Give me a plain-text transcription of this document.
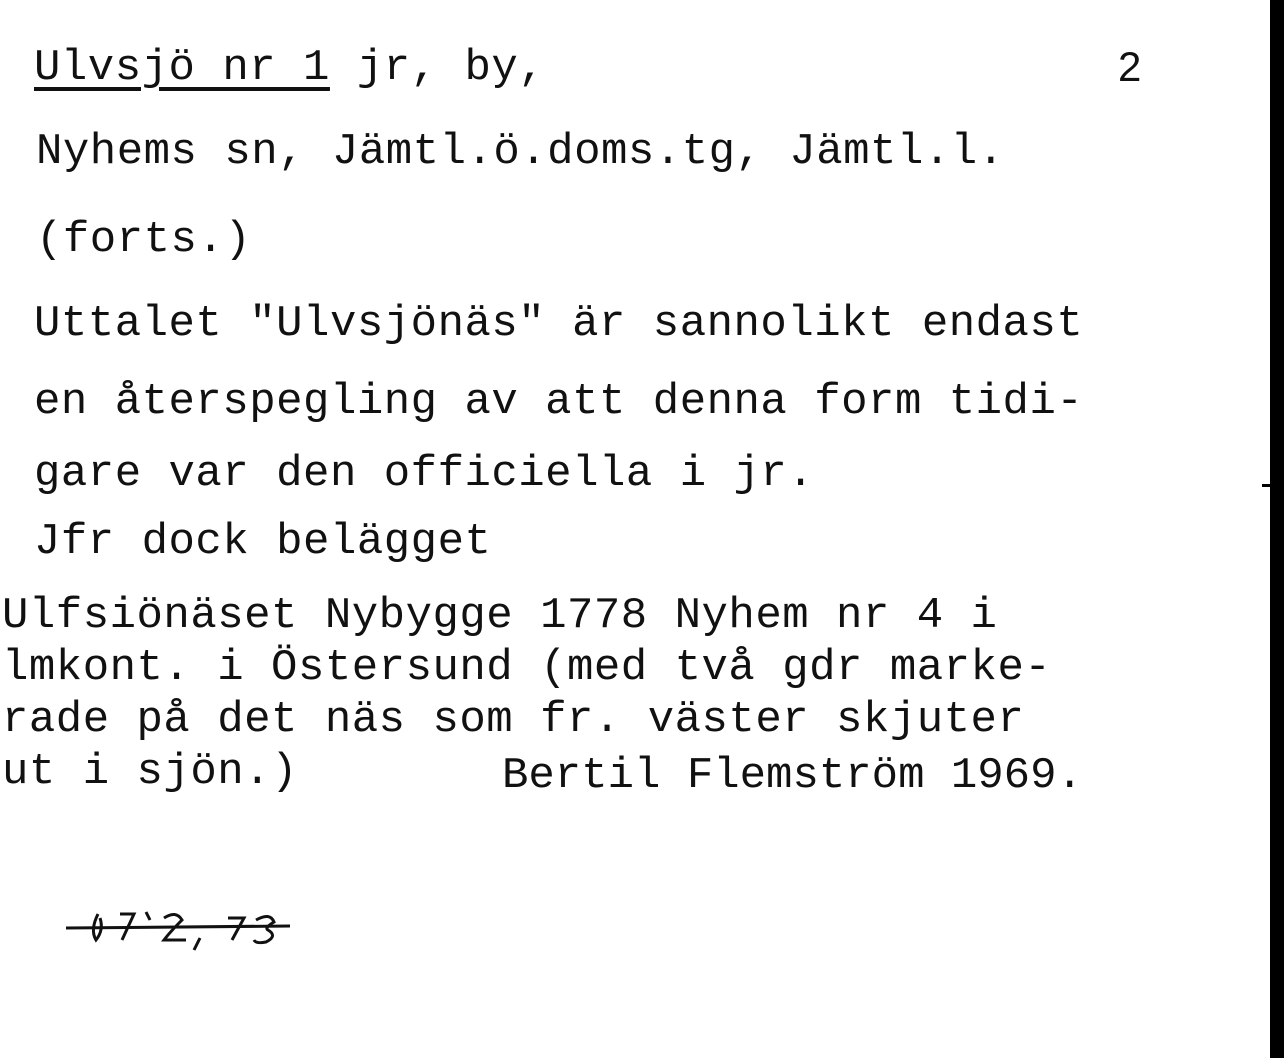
Ulvsjö nr 1 jr, by,	2
Nyhems sn, Jämtl.ö.doms.tg, Jämtl.l.
(forts.)
Uttalet "Ulvsjönäs" är sannolikt endast
en återspegling av att denna form tidi-
gare var den officiella i jr.
Jfr dock belägget
Ulfsiönäset Nybygge 1778 Nyhem nr 4 i
lmkont. i Östersund (med två gdr marke-
rade på det näs som fr. väster skjuter
ut i sjön.)	Bertil Flemström 1969.
